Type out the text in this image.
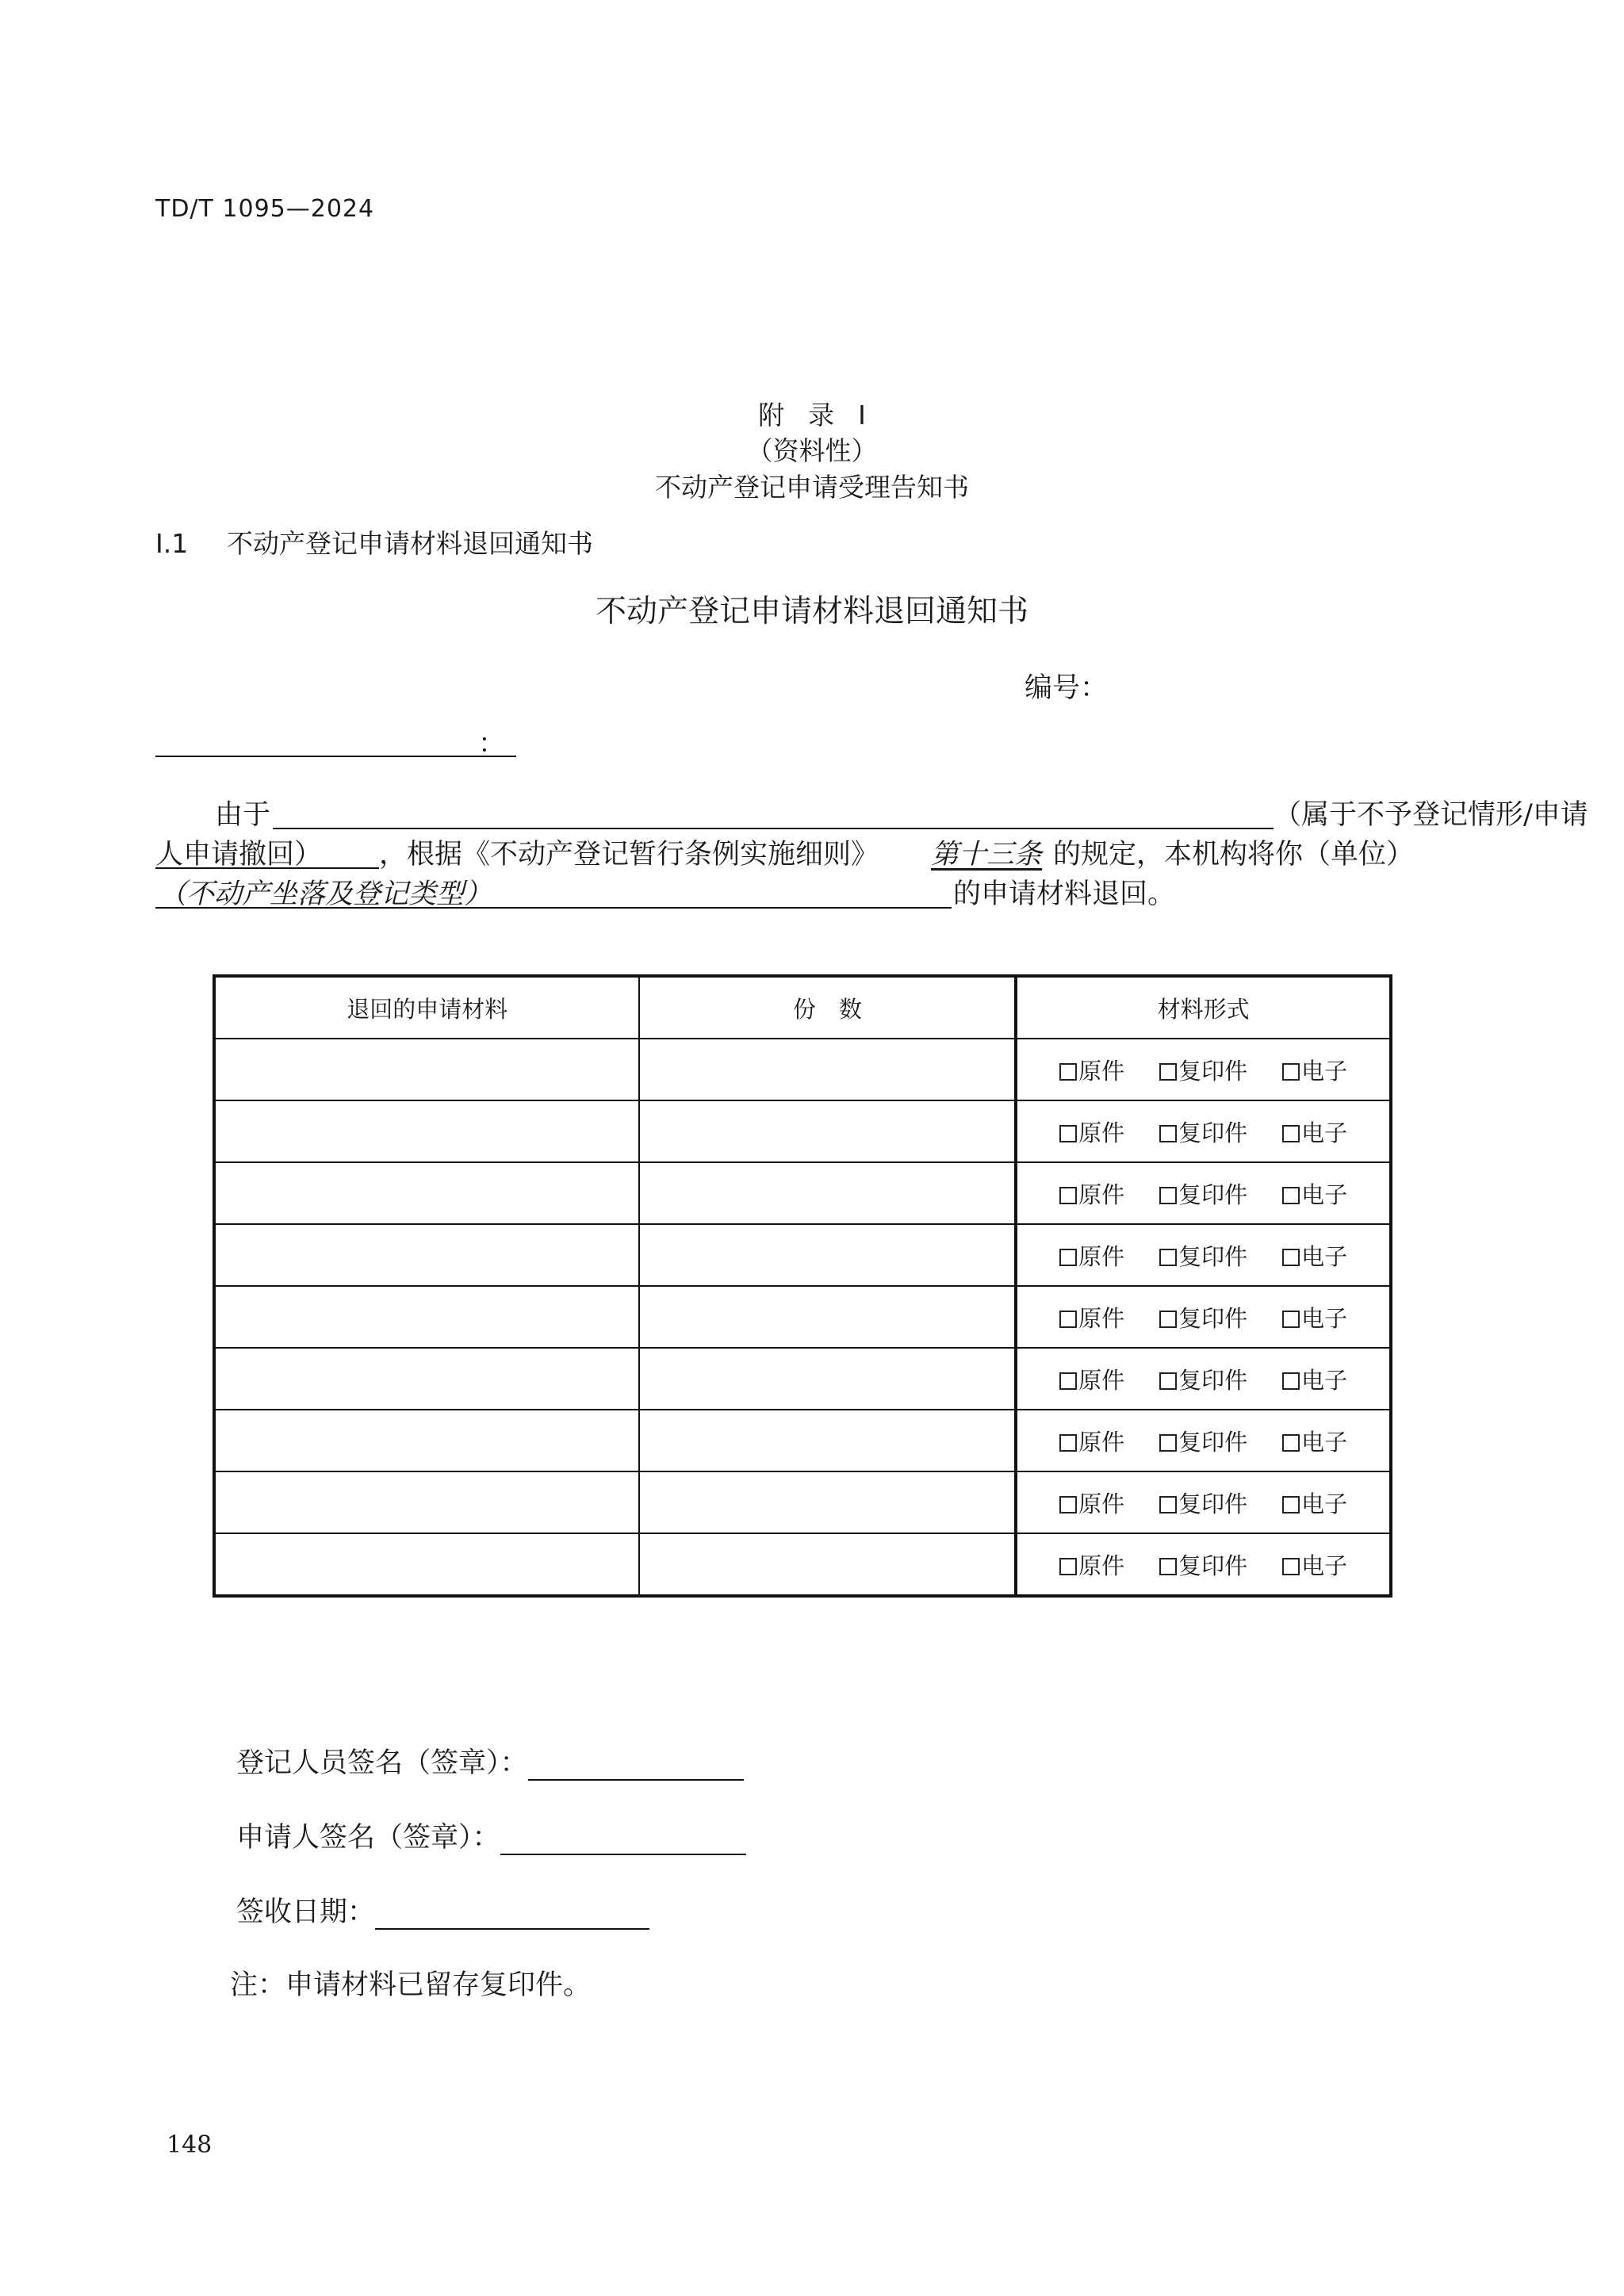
TD/T 1095—2024
附 录 I
（资料性）
不动产登记申请受理告知书
I.1 不动产登记申请材料退回通知书
不动产登记申请材料退回通知书
编号：
：
由于	（属于不予登记情形/申请
人申请撤回） ，根据《不动产登记暂行条例实施细则》 第十三条 的规定，本机构将你（单位）
（不动产坐落及登记类型）	的申请材料退回。
退回的申请材料	份　数	材料形式
		原件 复印件 电子
		原件 复印件 电子
		原件 复印件 电子
		原件 复印件 电子
		原件 复印件 电子
		原件 复印件 电子
		原件 复印件 电子
		原件 复印件 电子
		原件 复印件 电子
登记人员签名（签章）：
申请人签名（签章）：
签收日期：
注：申请材料已留存复印件。
148
